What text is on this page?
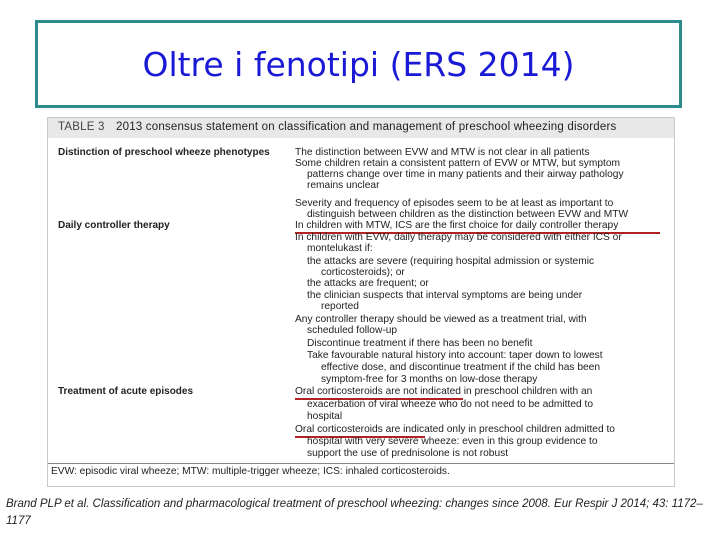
Oltre i fenotipi (ERS 2014)
TABLE 3 2013 consensus statement on classification and management of preschool wheezing disorders
Distinction of preschool wheeze phenotypes The distinction between EVW and MTW is not clear in all patients
Some children retain a consistent pattern of EVW or MTW, but symptom
patterns change over time in many patients and their airway pathology
remains unclear
Severity and frequency of episodes seem to be at least as important to
distinguish between children as the distinction between EVW and MTW
Daily controller therapy	In children with MTW, ICS are the first choice for daily controller therapy
In children with EVW, daily therapy may be considered with either ICS or
montelukast if:
the attacks are severe (requiring hospital admission or systemic
corticosteroids); or
the attacks are frequent; or
the clinician suspects that interval symptoms are being under
reported
Any controller therapy should be viewed as a treatment trial, with
scheduled follow-up
Discontinue treatment if there has been no benefit
Take favourable natural history into account: taper down to lowest
effective dose, and discontinue treatment if the child has been
symptom-free for 3 months on low-dose therapy
Treatment of acute episodes	Oral corticosteroids are not indicated in preschool children with an
exacerbation of viral wheeze who do not need to be admitted to
hospital
Oral corticosteroids are indicated only in preschool children admitted to
hospital with very severe wheeze: even in this group evidence to
support the use of prednisolone is not robust
EVW: episodic viral wheeze; MTW: multiple-trigger wheeze; ICS: inhaled corticosteroids.
Brand PLP et al. Classification and pharmacological treatment of preschool wheezing: changes since 2008. Eur Respir J 2014; 43: 1172–1177
